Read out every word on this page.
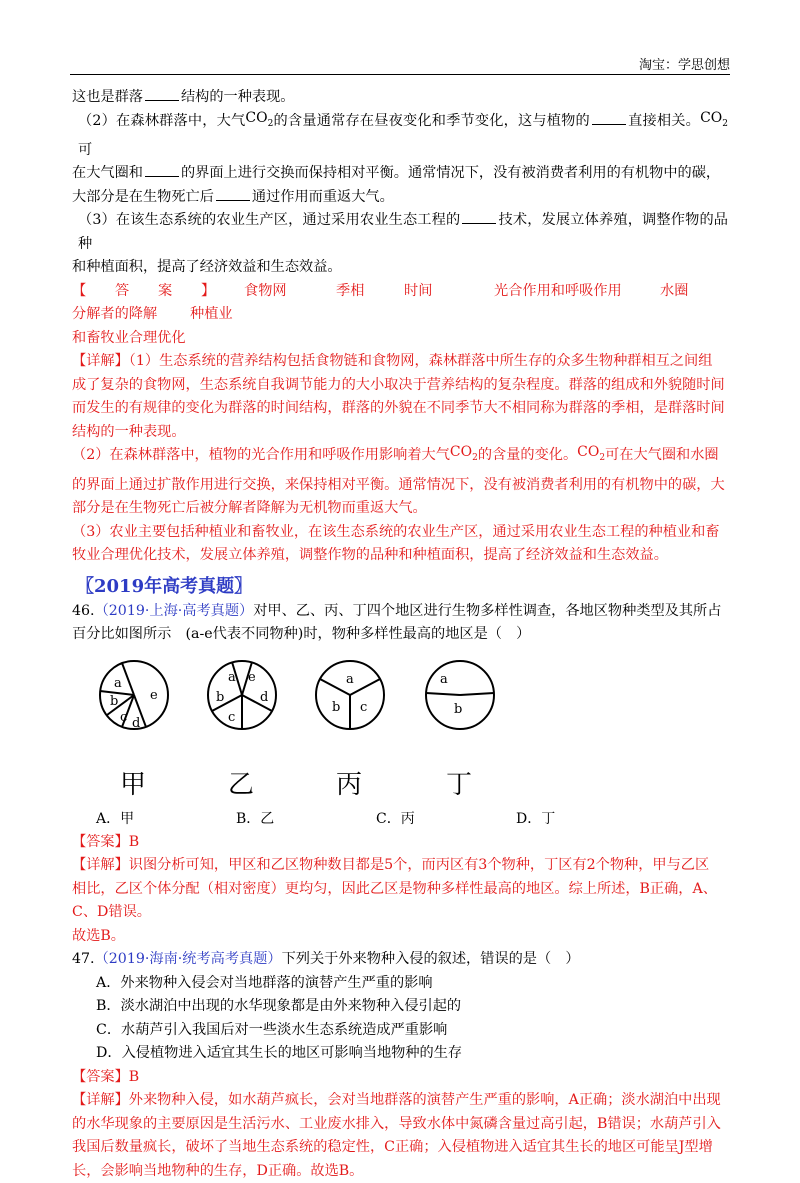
淘宝：学思创想

这也是群落	结构的一种表现。

（2）在森林群落中，大气$CO_2$的含量通常存在昼夜变化和季节变化，这与植物的	直接相关。$CO_2$可

在大气圈和	的界面上进行交换而保持相对平衡。通常情况下，没有被消费者利用的有机物中的碳，

大部分是在生物死亡后	通过作用而重返大气。

（3）在该生态系统的农业生产区，通过采用农业生态工程的	技术，发展立体养殖，调整作物的品种

和种植面积，提高了经济效益和生态效益。

【答案】食物网	季相	时间	光合作用和呼吸作用	水圈分解者的降解 种植业

和畜牧业合理优化

【详解】（1）生态系统的营养结构包括食物链和食物网，森林群落中所生存的众多生物种群相互之间组

成了复杂的食物网，生态系统自我调节能力的大小取决于营养结构的复杂程度。群落的组成和外貌随时间

而发生的有规律的变化为群落的时间结构，群落的外貌在不同季节大不相同称为群落的季相，是群落时间

结构的一种表现。

（2）在森林群落中，植物的光合作用和呼吸作用影响着大气$CO_2$的含量的变化。$CO_2$可在大气圈和水圈

的界面上通过扩散作用进行交换，来保持相对平衡。通常情况下，没有被消费者利用的有机物中的碳，大

部分是在生物死亡后被分解者降解为无机物而重返大气。

（3）农业主要包括种植业和畜牧业，在该生态系统的农业生产区，通过采用农业生态工程的种植业和畜

牧业合理优化技术，发展立体养殖，调整作物的品种和种植面积，提高了经济效益和生态效益。

〖2019年高考真题〗

46.（2019·上海·高考真题）对甲、乙、丙、丁四个地区进行生物多样性调查，各地区物种类型及其所占

百分比如图所示　(a-e代表不同物种)时，物种多样性最高的地区是（　）

a
b
c d
e
a e
b	d
c
a
b c
a
b
甲	乙	丙	丁
A．甲	B．乙	C．丙	D．丁

【答案】B

【详解】识图分析可知，甲区和乙区物种数目都是5个，而丙区有3个物种，丁区有2个物种，甲与乙区

相比，乙区个体分配（相对密度）更均匀，因此乙区是物种多样性最高的地区。综上所述，B正确，A、

C、D错误。

故选B。

47.（2019·海南·统考高考真题）下列关于外来物种入侵的叙述，错误的是（　）

A．外来物种入侵会对当地群落的演替产生严重的影响

B．淡水湖泊中出现的水华现象都是由外来物种入侵引起的

C．水葫芦引入我国后对一些淡水生态系统造成严重影响

D．入侵植物进入适宜其生长的地区可影响当地物种的生存

【答案】B

【详解】外来物种入侵，如水葫芦疯长，会对当地群落的演替产生严重的影响，A正确；淡水湖泊中出现

的水华现象的主要原因是生活污水、工业废水排入，导致水体中氮磷含量过高引起，B错误；水葫芦引入

我国后数量疯长，破坏了当地生态系统的稳定性，C正确；入侵植物进入适宜其生长的地区可能呈J型增

长，会影响当地物种的生存，D正确。故选B。
